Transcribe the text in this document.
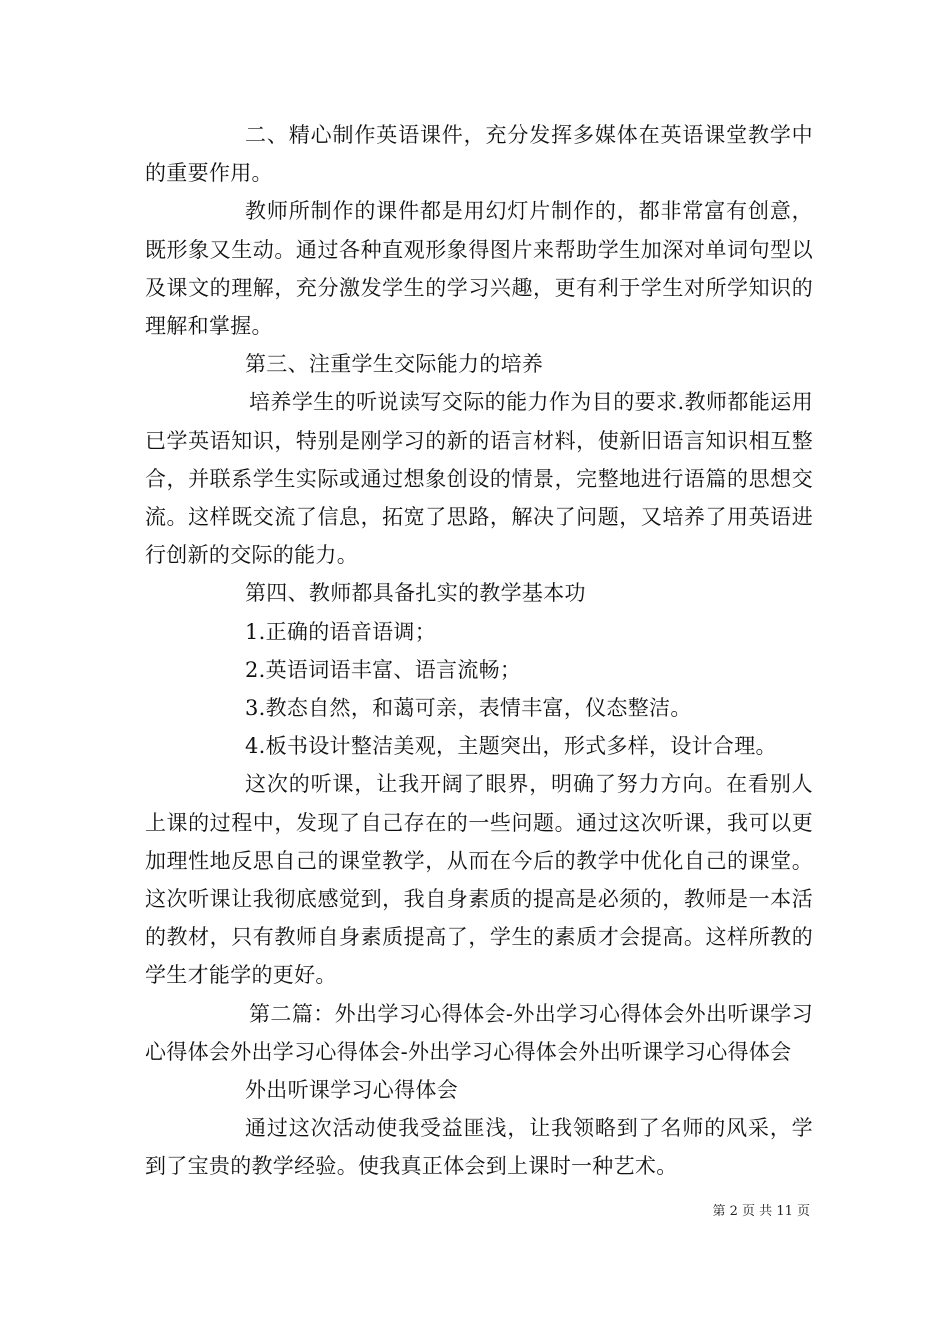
二、精心制作英语课件，充分发挥多媒体在英语课堂教学中的重要作用。

教师所制作的课件都是用幻灯片制作的，都非常富有创意，既形象又生动。通过各种直观形象得图片来帮助学生加深对单词句型以及课文的理解，充分激发学生的学习兴趣，更有利于学生对所学知识的理解和掌握。

第三、注重学生交际能力的培养

培养学生的听说读写交际的能力作为目的要求.教师都能运用已学英语知识，特别是刚学习的新的语言材料，使新旧语言知识相互整合，并联系学生实际或通过想象创设的情景，完整地进行语篇的思想交流。这样既交流了信息，拓宽了思路，解决了问题，又培养了用英语进行创新的交际的能力。

第四、教师都具备扎实的教学基本功

1.正确的语音语调；

2.英语词语丰富、语言流畅；

3.教态自然，和蔼可亲，表情丰富，仪态整洁。

4.板书设计整洁美观，主题突出，形式多样，设计合理。

这次的听课，让我开阔了眼界，明确了努力方向。在看别人上课的过程中，发现了自己存在的一些问题。通过这次听课，我可以更加理性地反思自己的课堂教学，从而在今后的教学中优化自己的课堂。这次听课让我彻底感觉到，我自身素质的提高是必须的，教师是一本活的教材，只有教师自身素质提高了，学生的素质才会提高。这样所教的学生才能学的更好。

第二篇：外出学习心得体会-外出学习心得体会外出听课学习心得体会外出学习心得体会-外出学习心得体会外出听课学习心得体会

外出听课学习心得体会

通过这次活动使我受益匪浅，让我领略到了名师的风采，学到了宝贵的教学经验。使我真正体会到上课时一种艺术。

第 2 页 共 11 页
